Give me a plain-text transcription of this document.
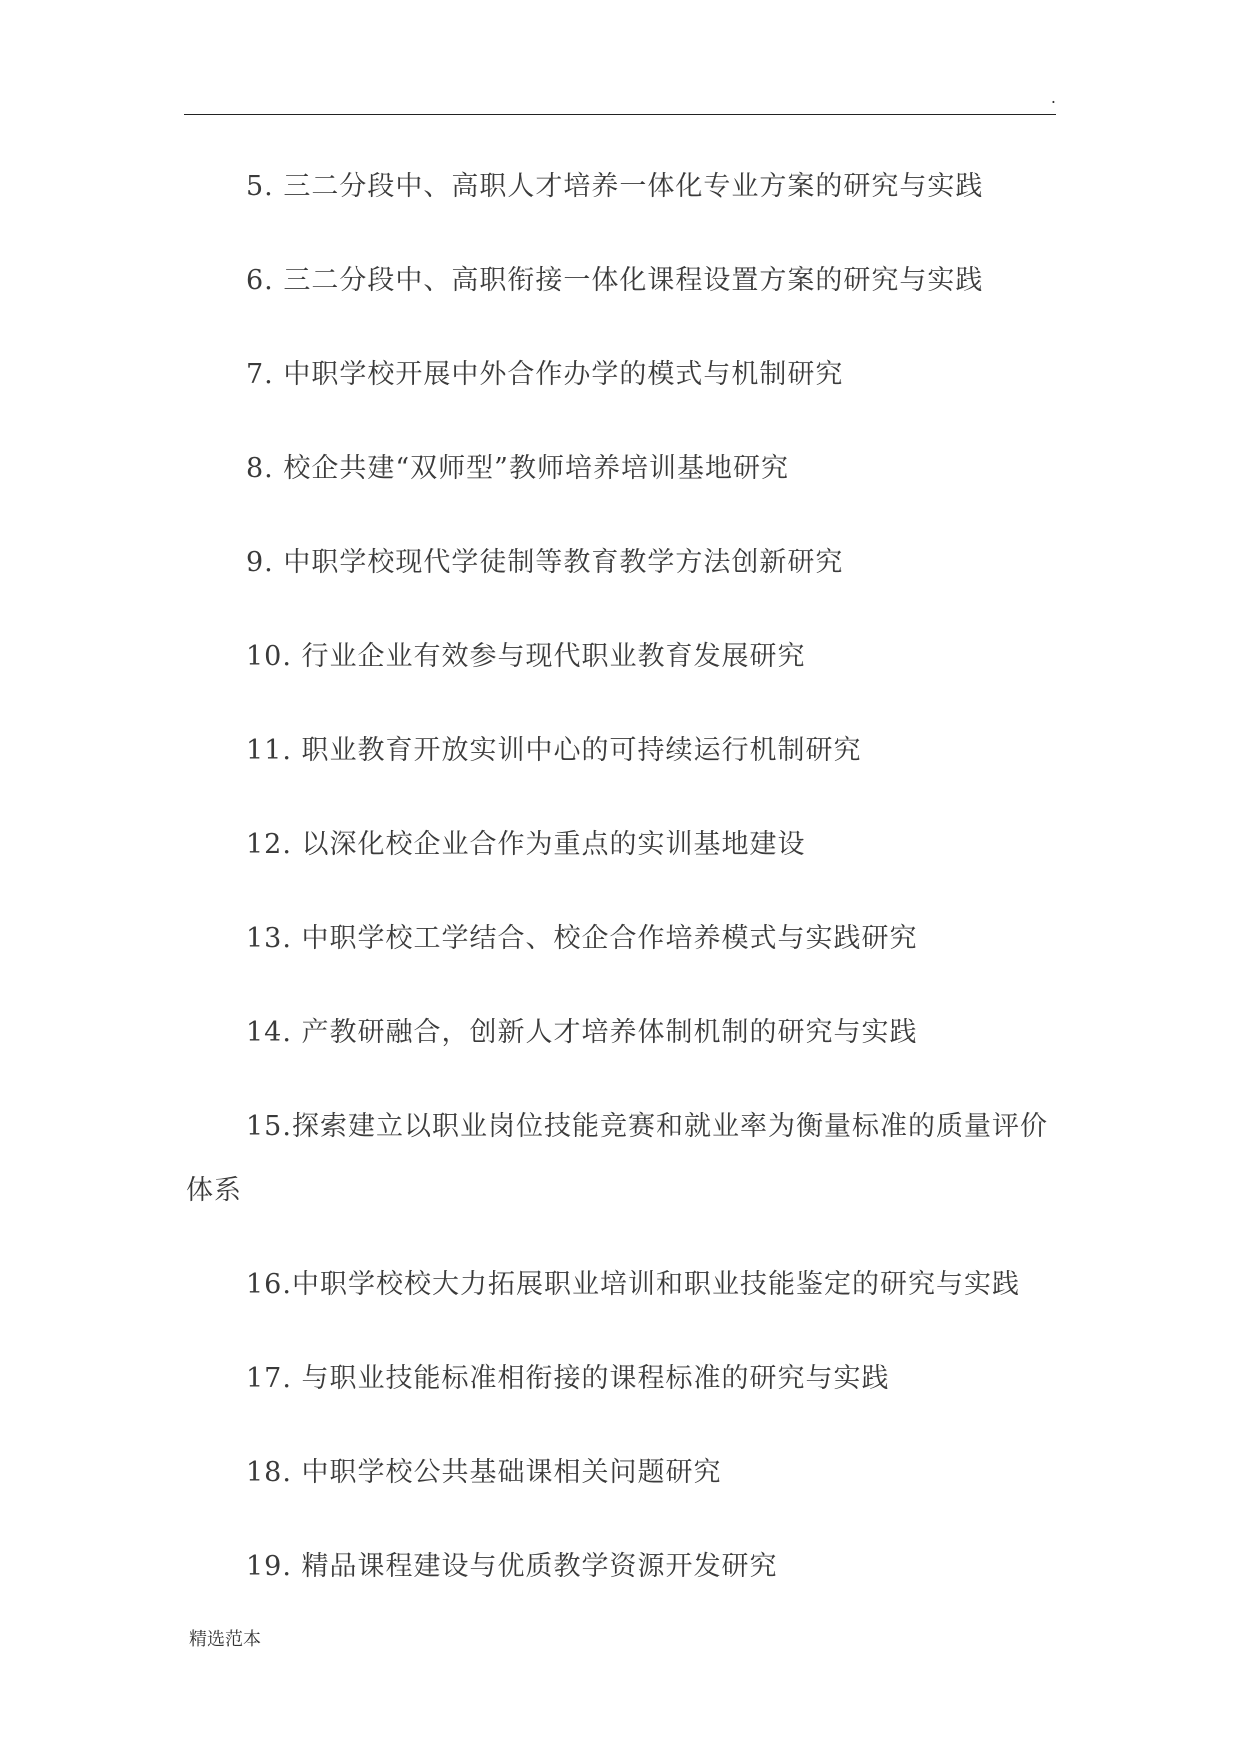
.
5. 三二分段中、高职人才培养一体化专业方案的研究与实践
6. 三二分段中、高职衔接一体化课程设置方案的研究与实践
7. 中职学校开展中外合作办学的模式与机制研究
8. 校企共建“双师型”教师培养培训基地研究
9. 中职学校现代学徒制等教育教学方法创新研究
10. 行业企业有效参与现代职业教育发展研究
11. 职业教育开放实训中心的可持续运行机制研究
12. 以深化校企业合作为重点的实训基地建设
13. 中职学校工学结合、校企合作培养模式与实践研究
14. 产教研融合，创新人才培养体制机制的研究与实践
15.探索建立以职业岗位技能竞赛和就业率为衡量标准的质量评价体系
16.中职学校校大力拓展职业培训和职业技能鉴定的研究与实践
17. 与职业技能标准相衔接的课程标准的研究与实践
18. 中职学校公共基础课相关问题研究
19. 精品课程建设与优质教学资源开发研究
精选范本
